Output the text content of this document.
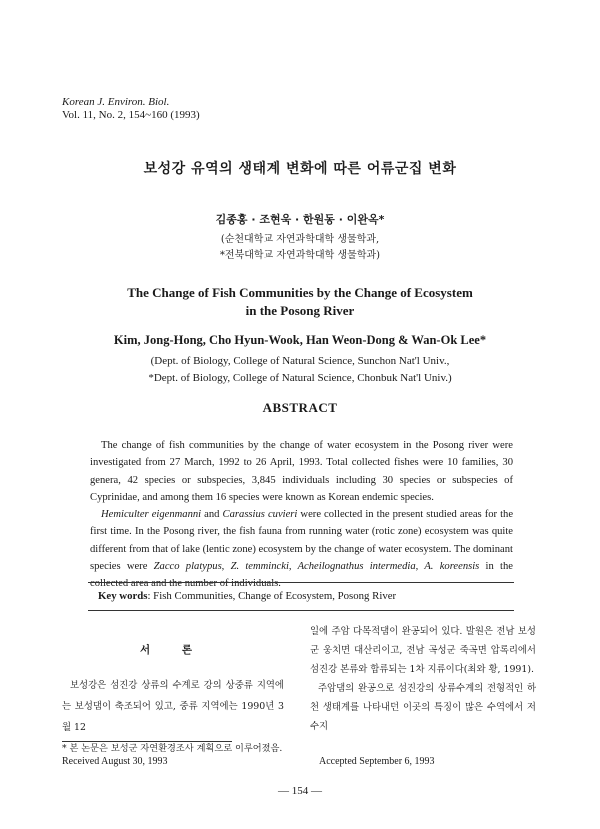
Korean J. Environ. Biol.
Vol. 11, No. 2, 154~160 (1993)
보성강 유역의 생태계 변화에 따른 어류군집 변화
김종홍 · 조현욱 · 한원동 · 이완옥*
(순천대학교 자연과학대학 생물학과,
*전북대학교 자연과학대학 생물학과)
The Change of Fish Communities by the Change of Ecosystem
in the Posong River
Kim, Jong-Hong, Cho Hyun-Wook, Han Weon-Dong & Wan-Ok Lee*
(Dept. of Biology, College of Natural Science, Sunchon Nat'l Univ.,
*Dept. of Biology, College of Natural Science, Chonbuk Nat'l Univ.)
ABSTRACT

The change of fish communities by the change of water ecosystem in the Posong river were investigated from 27 March, 1992 to 26 April, 1993. Total collected fishes were 10 families, 30 genera, 42 species or subspecies, 3,845 individuals including 30 species or subspecies of Cyprinidae, and among them 16 species were known as Korean endemic species.

Hemiculter eigenmanni and Carassius cuvieri were collected in the present studied areas for the first time. In the Posong river, the fish fauna from running water (rotic zone) ecosystem was quite different from that of lake (lentic zone) ecosystem by the change of water ecosystem. The dominant species were Zacco platypus, Z. temmincki, Acheilognathus intermedia, A. koreensis in the collected area and the number of individuals.

Key words: Fish Communities, Change of Ecosystem, Posong River
서 론

보성강은 섬진강 상류의 수계로 강의 상중류 지역에는 보성댐이 축조되어 있고, 중류 지역에는 1990년 3월 12

일에 주암 다목적댐이 완공되어 있다. 발원은 전남 보성군 웅치면 대산리이고, 전남 곡성군 죽곡면 압록리에서 섬진강 본류와 합류되는 1차 지류이다(최와 황, 1991).

주암댐의 완공으로 섬진강의 상류수계의 전형적인 하천 생태계를 나타내던 이곳의 특징이 많은 수역에서 저수지

* 본 논문은 보성군 자연환경조사 계획으로 이루어졌음.
Received August 30, 1993	Accepted September 6, 1993
— 154 —
